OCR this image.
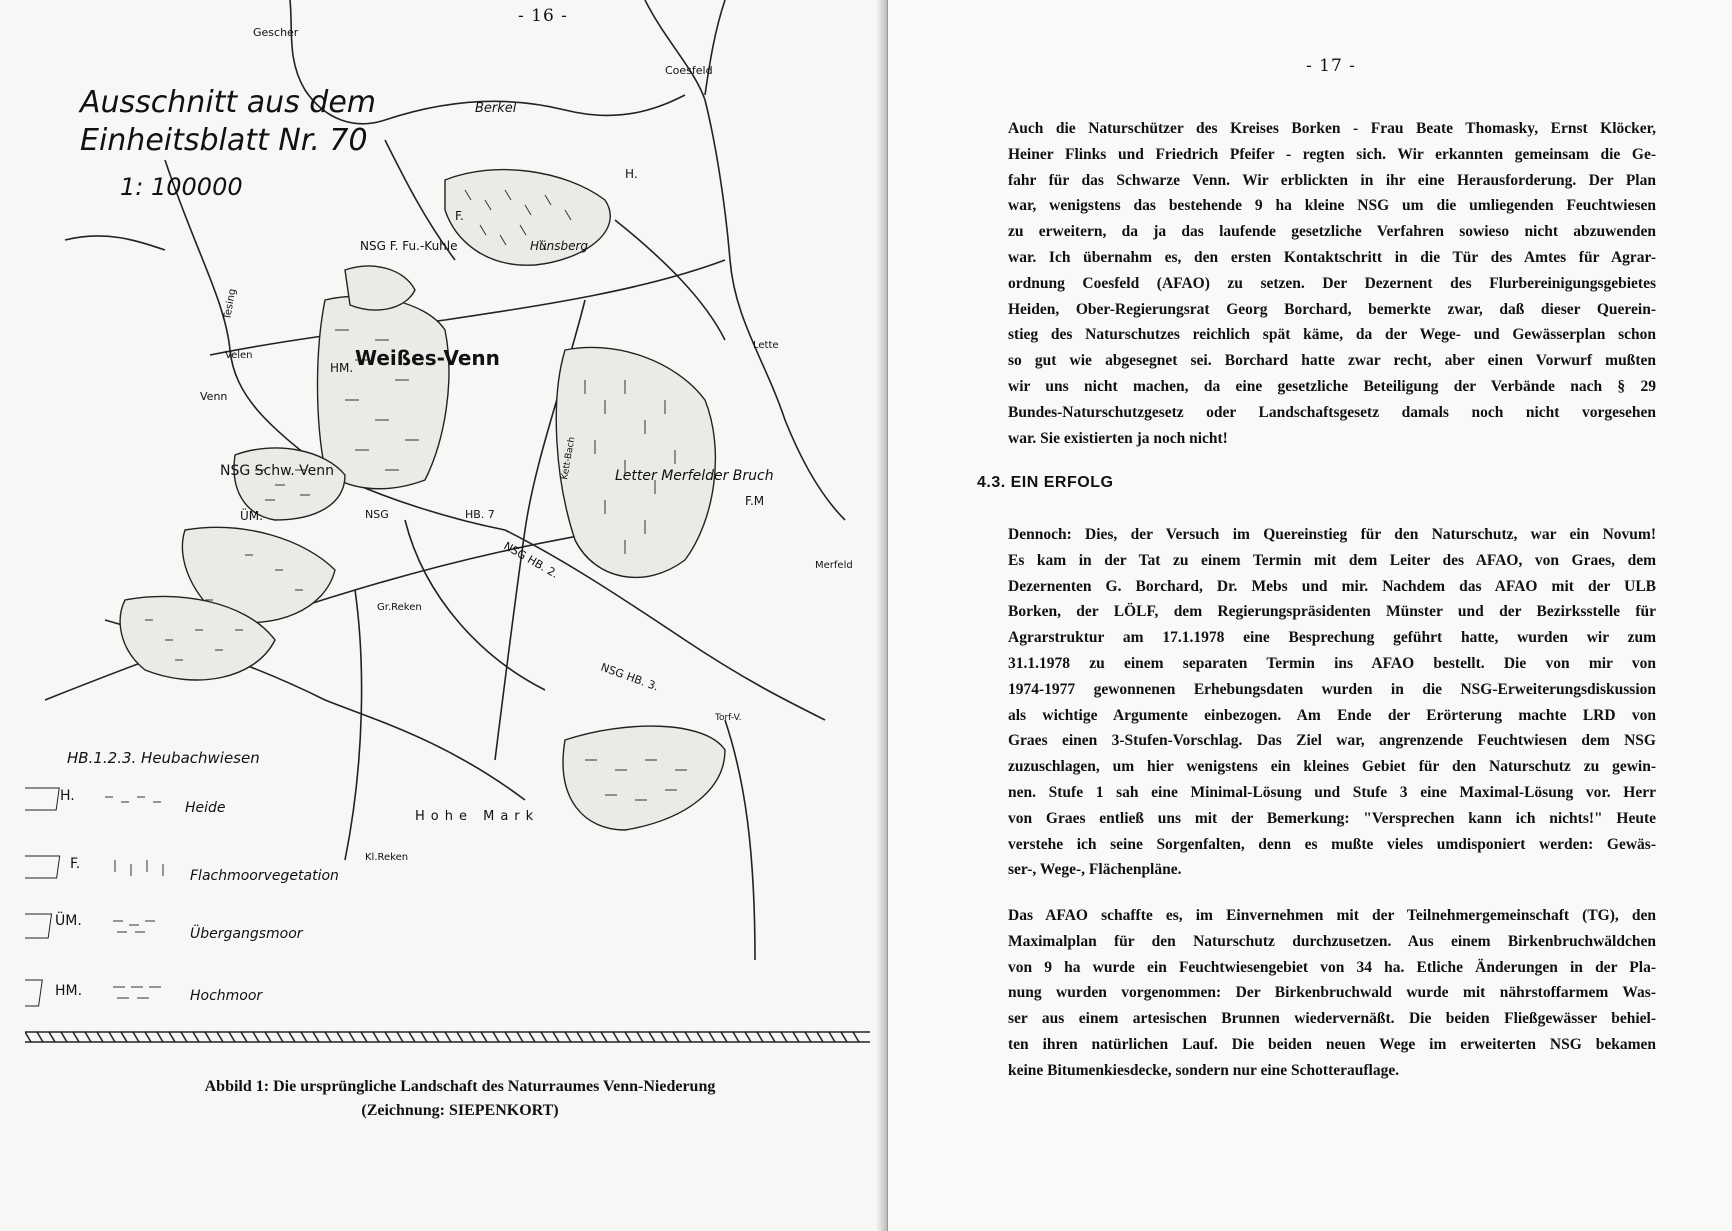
- 16 -
Ausschnitt aus dem
Einheitsblatt Nr. 70
1: 100000
Gescher
Coesfeld
Berkel
Velen
Lette
Merfeld
Gr.Reken
Kl.Reken
Tesing
Venn
NSG F. Fu.-Kuhle	Hünsberg
Weißes-Venn
NSG Schw. Venn
NSG	HB. 7
NSG HB. 2.
NSG HB. 3.
Letter Merfelder Bruch
Hohe Mark
Kett-Bach
F.M
H.
F.
HM.
ÜM.
Torf-V.
HB.1.2.3. Heubachwiesen
H.
Heide
F.
Flachmoorvegetation
ÜM.
Übergangsmoor
HM.	Hochmoor
Abbild 1: Die ursprüngliche Landschaft des Naturraumes Venn-Niederung
(Zeichnung: SIEPENKORT)
- 17 -
Auch die Naturschützer des Kreises Borken - Frau Beate Thomasky, Ernst Klöcker,
Heiner Flinks und Friedrich Pfeifer - regten sich. Wir erkannten gemeinsam die Ge-
fahr für das Schwarze Venn. Wir erblickten in ihr eine Herausforderung. Der Plan
war, wenigstens das bestehende 9 ha kleine NSG um die umliegenden Feuchtwiesen
zu erweitern, da ja das laufende gesetzliche Verfahren sowieso nicht abzuwenden
war. Ich übernahm es, den ersten Kontaktschritt in die Tür des Amtes für Agrar-
ordnung Coesfeld (AFAO) zu setzen. Der Dezernent des Flurbereinigungsgebietes
Heiden, Ober-Regierungsrat Georg Borchard, bemerkte zwar, daß dieser Querein-
stieg des Naturschutzes reichlich spät käme, da der Wege- und Gewässerplan schon
so gut wie abgesegnet sei. Borchard hatte zwar recht, aber einen Vorwurf mußten
wir uns nicht machen, da eine gesetzliche Beteiligung der Verbände nach § 29
Bundes-Naturschutzgesetz oder Landschaftsgesetz damals noch nicht vorgesehen
war. Sie existierten ja noch nicht!
4.3. EIN ERFOLG
Dennoch: Dies, der Versuch im Quereinstieg für den Naturschutz, war ein Novum!
Es kam in der Tat zu einem Termin mit dem Leiter des AFAO, von Graes, dem
Dezernenten G. Borchard, Dr. Mebs und mir. Nachdem das AFAO mit der ULB
Borken, der LÖLF, dem Regierungspräsidenten Münster und der Bezirksstelle für
Agrarstruktur am 17.1.1978 eine Besprechung geführt hatte, wurden wir zum
31.1.1978 zu einem separaten Termin ins AFAO bestellt. Die von mir von
1974-1977 gewonnenen Erhebungsdaten wurden in die NSG-Erweiterungsdiskussion
als wichtige Argumente einbezogen. Am Ende der Erörterung machte LRD von
Graes einen 3-Stufen-Vorschlag. Das Ziel war, angrenzende Feuchtwiesen dem NSG
zuzuschlagen, um hier wenigstens ein kleines Gebiet für den Naturschutz zu gewin-
nen. Stufe 1 sah eine Minimal-Lösung und Stufe 3 eine Maximal-Lösung vor. Herr
von Graes entließ uns mit der Bemerkung: "Versprechen kann ich nichts!" Heute
verstehe ich seine Sorgenfalten, denn es mußte vieles umdisponiert werden: Gewäs-
ser-, Wege-, Flächenpläne.
Das AFAO schaffte es, im Einvernehmen mit der Teilnehmergemeinschaft (TG), den
Maximalplan für den Naturschutz durchzusetzen. Aus einem Birkenbruchwäldchen
von 9 ha wurde ein Feuchtwiesengebiet von 34 ha. Etliche Änderungen in der Pla-
nung wurden vorgenommen: Der Birkenbruchwald wurde mit nährstoffarmem Was-
ser aus einem artesischen Brunnen wiedervernäßt. Die beiden Fließgewässer behiel-
ten ihren natürlichen Lauf. Die beiden neuen Wege im erweiterten NSG bekamen
keine Bitumenkiesdecke, sondern nur eine Schotterauflage.
